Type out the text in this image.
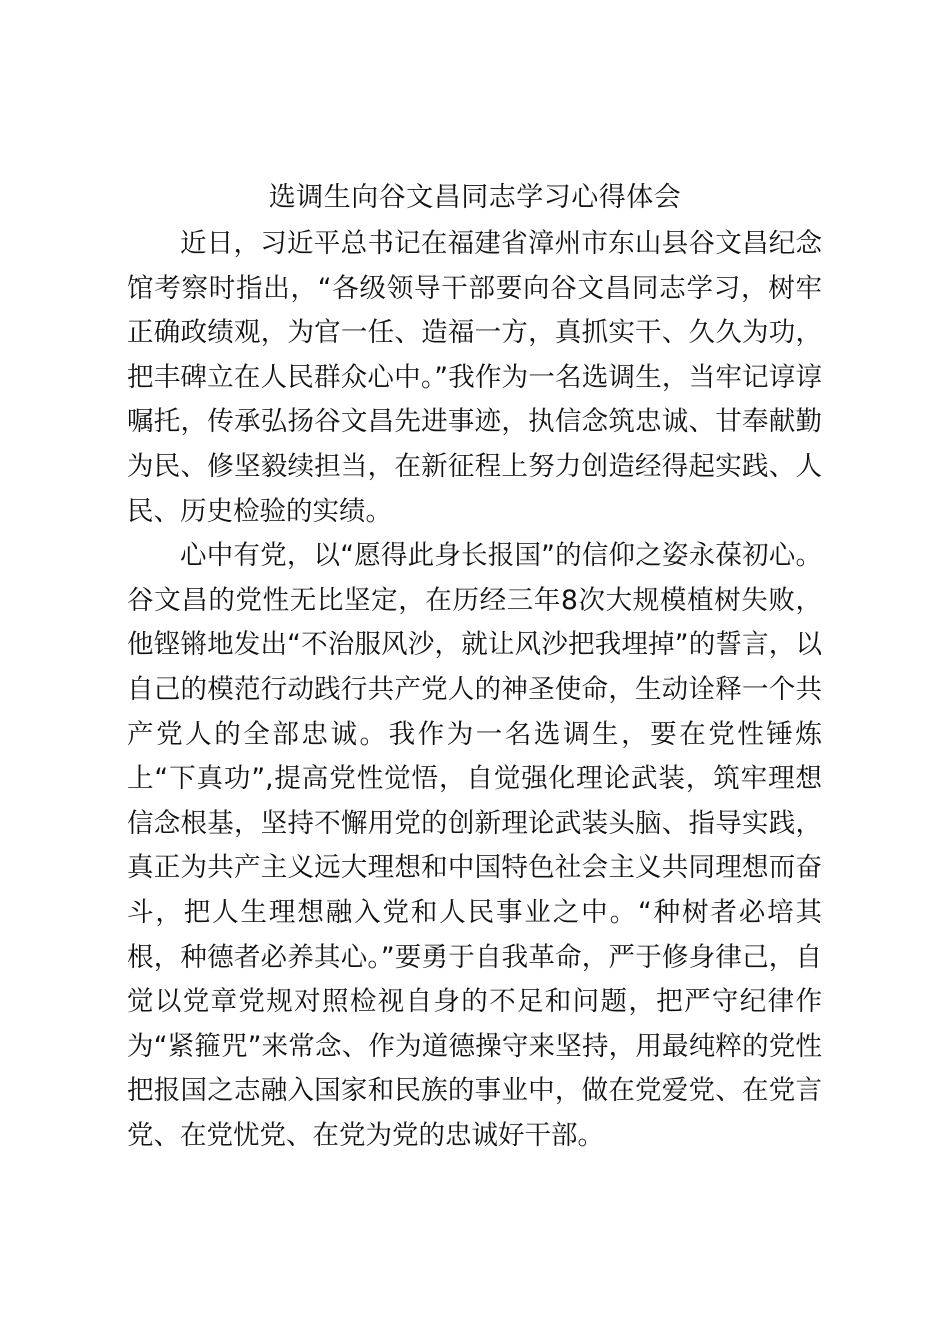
选调生向谷文昌同志学习心得体会

近日，习近平总书记在福建省漳州市东山县谷文昌纪念馆考察时指出，“各级领导干部要向谷文昌同志学习，树牢正确政绩观，为官一任、造福一方，真抓实干、久久为功，把丰碑立在人民群众心中。”我作为一名选调生，当牢记谆谆嘱托，传承弘扬谷文昌先进事迹，执信念筑忠诚、甘奉献勤为民、修坚毅续担当，在新征程上努力创造经得起实践、人民、历史检验的实绩。

心中有党，以“愿得此身长报国”的信仰之姿永葆初心。谷文昌的党性无比坚定，在历经三年8次大规模植树失败，他铿锵地发出“不治服风沙，就让风沙把我埋掉”的誓言，以自己的模范行动践行共产党人的神圣使命，生动诠释一个共产党人的全部忠诚。我作为一名选调生，要在党性锤炼上“下真功”,提高党性觉悟，自觉强化理论武装，筑牢理想信念根基，坚持不懈用党的创新理论武装头脑、指导实践，真正为共产主义远大理想和中国特色社会主义共同理想而奋斗，把人生理想融入党和人民事业之中。“种树者必培其根，种德者必养其心。”要勇于自我革命，严于修身律己，自觉以党章党规对照检视自身的不足和问题，把严守纪律作为“紧箍咒”来常念、作为道德操守来坚持，用最纯粹的党性把报国之志融入国家和民族的事业中，做在党爱党、在党言党、在党忧党、在党为党的忠诚好干部。
